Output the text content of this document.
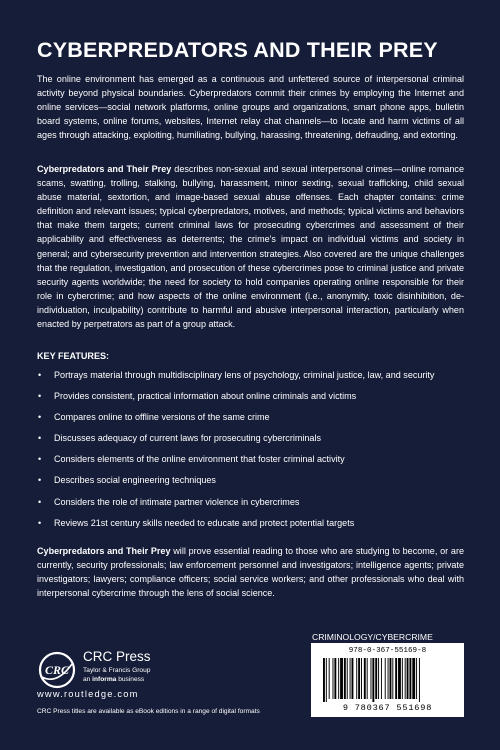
CYBERPREDATORS AND THEIR PREY

The online environment has emerged as a continuous and unfettered source of interpersonal criminal activity beyond physical boundaries. Cyberpredators commit their crimes by employing the Internet and online services—social network platforms, online groups and organizations, smart phone apps, bulletin board systems, online forums, websites, Internet relay chat channels—to locate and harm victims of all ages through attacking, exploiting, humiliating, bullying, harassing, threatening, defrauding, and extorting.

Cyberpredators and Their Prey describes non-sexual and sexual interpersonal crimes—online romance scams, swatting, trolling, stalking, bullying, harassment, minor sexting, sexual trafficking, child sexual abuse material, sextortion, and image-based sexual abuse offenses. Each chapter contains: crime definition and relevant issues; typical cyberpredators, motives, and methods; typical victims and behaviors that make them targets; current criminal laws for prosecuting cybercrimes and assessment of their applicability and effectiveness as deterrents; the crime's impact on individual victims and society in general; and cybersecurity prevention and intervention strategies. Also covered are the unique challenges that the regulation, investigation, and prosecution of these cybercrimes pose to criminal justice and private security agents worldwide; the need for society to hold companies operating online responsible for their role in cybercrime; and how aspects of the online environment (i.e., anonymity, toxic disinhibition, de-individuation, inculpability) contribute to harmful and abusive interpersonal interaction, particularly when enacted by perpetrators as part of a group attack.

KEY FEATURES:
• Portrays material through multidisciplinary lens of psychology, criminal justice, law, and security
• Provides consistent, practical information about online criminals and victims
• Compares online to offline versions of the same crime
• Discusses adequacy of current laws for prosecuting cybercriminals
• Considers elements of the online environment that foster criminal activity
• Describes social engineering techniques
• Considers the role of intimate partner violence in cybercrimes
• Reviews 21st century skills needed to educate and protect potential targets

Cyberpredators and Their Prey will prove essential reading to those who are studying to become, or are currently, security professionals; law enforcement personnel and investigators; intelligence agents; private investigators; lawyers; compliance officers; social service workers; and other professionals who deal with interpersonal cybercrime through the lens of social science.

CRC
CRC Press
Taylor & Francis Group
an informa business
www.routledge.com
CRC Press titles are available as eBook editions in a range of digital formats
CRIMINOLOGY/CYBERCRIME
978-0-367-55169-8
9 780367 551698
